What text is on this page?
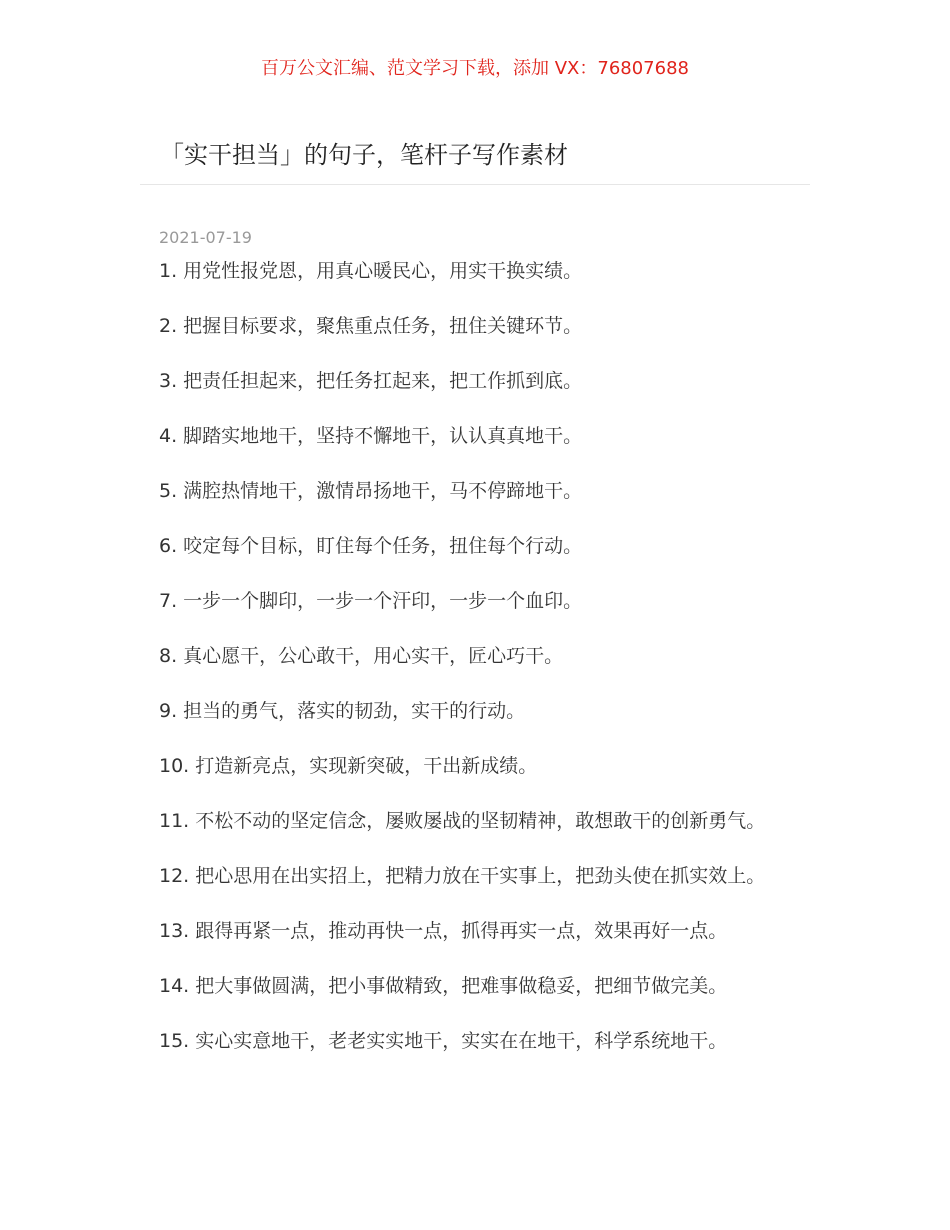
百万公文汇编、范文学习下载，添加 VX：76807688
「实干担当」的句子，笔杆子写作素材
2021-07-19
1. 用党性报党恩，用真心暖民心，用实干换实绩。
2. 把握目标要求，聚焦重点任务，扭住关键环节。
3. 把责任担起来，把任务扛起来，把工作抓到底。
4. 脚踏实地地干，坚持不懈地干，认认真真地干。
5. 满腔热情地干，激情昂扬地干，马不停蹄地干。
6. 咬定每个目标，盯住每个任务，扭住每个行动。
7. 一步一个脚印，一步一个汗印，一步一个血印。
8. 真心愿干，公心敢干，用心实干，匠心巧干。
9. 担当的勇气，落实的韧劲，实干的行动。
10. 打造新亮点，实现新突破，干出新成绩。
11. 不松不动的坚定信念，屡败屡战的坚韧精神，敢想敢干的创新勇气。
12. 把心思用在出实招上，把精力放在干实事上，把劲头使在抓实效上。
13. 跟得再紧一点，推动再快一点，抓得再实一点，效果再好一点。
14. 把大事做圆满，把小事做精致，把难事做稳妥，把细节做完美。
15. 实心实意地干，老老实实地干，实实在在地干，科学系统地干。
